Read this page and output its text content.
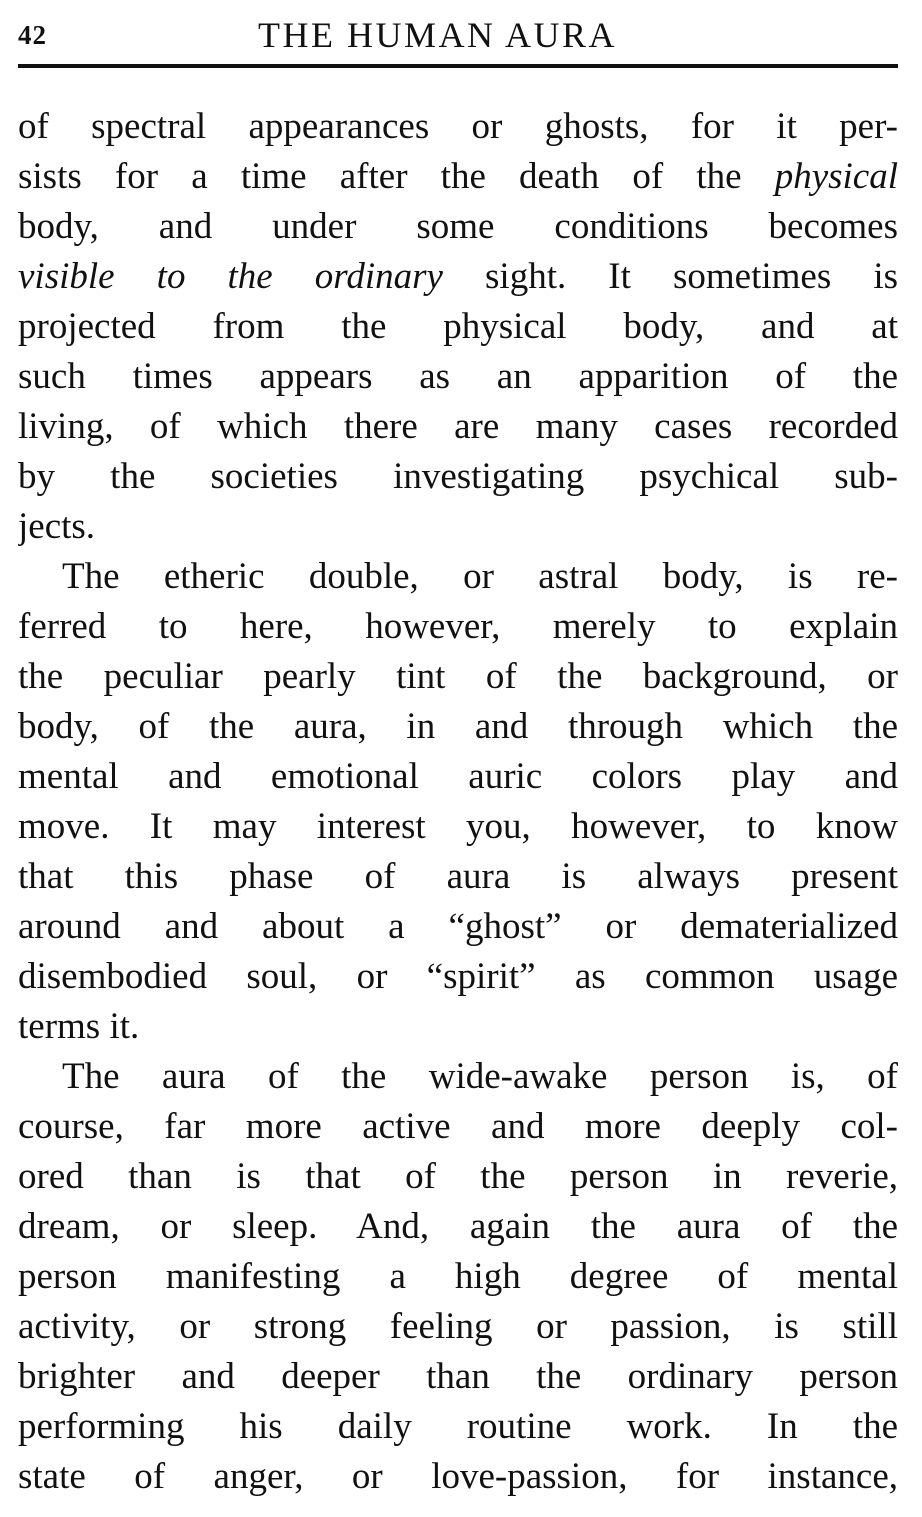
42	THE HUMAN AURA
of spectral appearances or ghosts, for it per-
sists for a time after the death of the physical
body, and under some conditions becomes
visible to the ordinary sight. It sometimes is
projected from the physical body, and at
such times appears as an apparition of the
living, of which there are many cases recorded
by the societies investigating psychical sub-
jects.
The etheric double, or astral body, is re-
ferred to here, however, merely to explain
the peculiar pearly tint of the background, or
body, of the aura, in and through which the
mental and emotional auric colors play and
move. It may interest you, however, to know
that this phase of aura is always present
around and about a “ghost” or dematerialized
disembodied soul, or “spirit” as common usage
terms it.
The aura of the wide-awake person is, of
course, far more active and more deeply col-
ored than is that of the person in reverie,
dream, or sleep. And, again the aura of the
person manifesting a high degree of mental
activity, or strong feeling or passion, is still
brighter and deeper than the ordinary person
performing his daily routine work. In the
state of anger, or love-passion, for instance,
